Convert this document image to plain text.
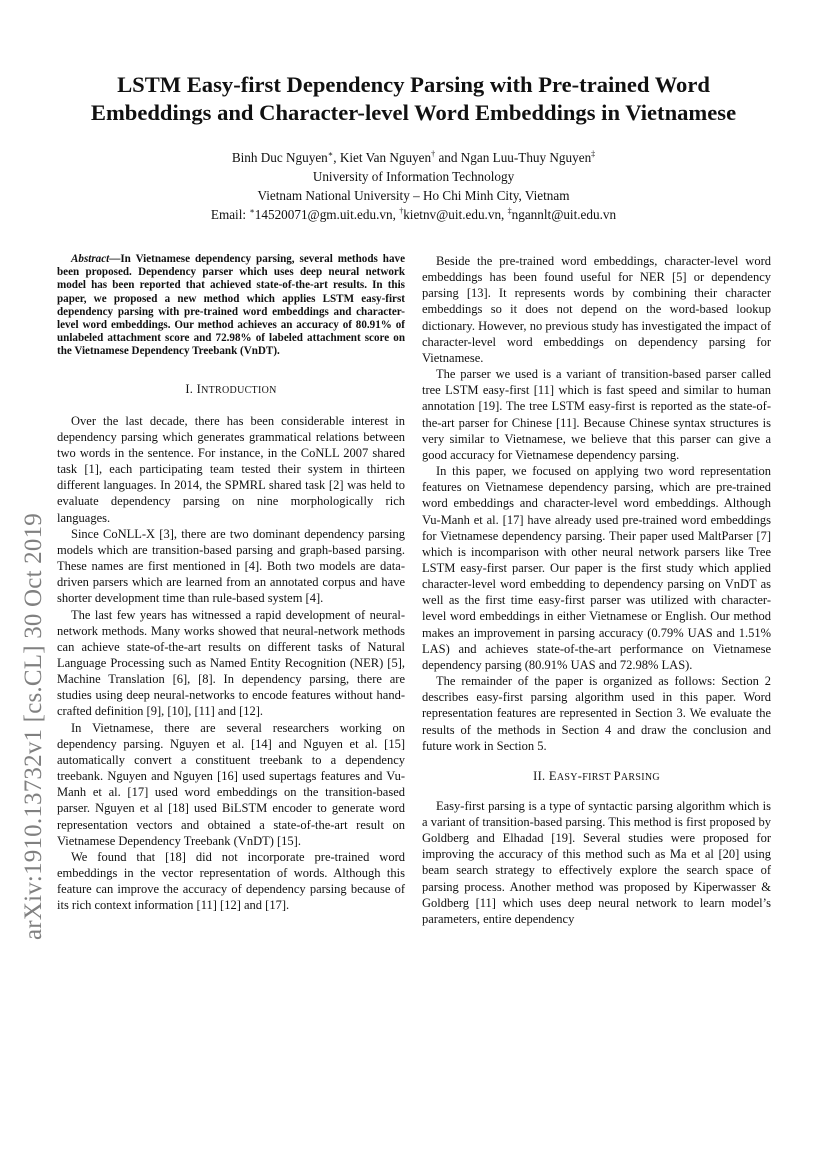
LSTM Easy-first Dependency Parsing with Pre-trained Word
Embeddings and Character-level Word Embeddings in Vietnamese
Binh Duc Nguyen∗, Kiet Van Nguyen† and Ngan Luu-Thuy Nguyen‡
University of Information Technology
Vietnam National University – Ho Chi Minh City, Vietnam
Email: ∗14520071@gm.uit.edu.vn, †kietnv@uit.edu.vn, ‡ngannlt@uit.edu.vn
arXiv:1910.13732v1 [cs.CL] 30 Oct 2019

Abstract—In Vietnamese dependency parsing, several methods have been proposed. Dependency parser which uses deep neural network model has been reported that achieved state-of-the-art results. In this paper, we proposed a new method which applies LSTM easy-first dependency parsing with pre-trained word embeddings and character-level word embeddings. Our method achieves an accuracy of 80.91% of unlabeled attachment score and 72.98% of labeled attachment score on the Vietnamese Dependency Treebank (VnDT).

I. INTRODUCTION

Over the last decade, there has been considerable interest in dependency parsing which generates grammatical relations between two words in the sentence. For instance, in the CoNLL 2007 shared task [1], each participating team tested their system in thirteen different languages. In 2014, the SPMRL shared task [2] was held to evaluate dependency parsing on nine morphologically rich languages.

Since CoNLL-X [3], there are two dominant dependency parsing models which are transition-based parsing and graph-based parsing. These names are first mentioned in [4]. Both two models are data-driven parsers which are learned from an annotated corpus and have shorter development time than rule-based system [4].

The last few years has witnessed a rapid development of neural-network methods. Many works showed that neural-network methods can achieve state-of-the-art results on different tasks of Natural Language Processing such as Named Entity Recognition (NER) [5], Machine Translation [6], [8]. In dependency parsing, there are studies using deep neural-networks to encode features without hand-crafted definition [9], [10], [11] and [12].

In Vietnamese, there are several researchers working on dependency parsing. Nguyen et al. [14] and Nguyen et al. [15] automatically convert a constituent treebank to a dependency treebank. Nguyen and Nguyen [16] used supertags features and Vu-Manh et al. [17] used word embeddings on the transition-based parser. Nguyen et al [18] used BiLSTM encoder to generate word representation vectors and obtained a state-of-the-art result on Vietnamese Dependency Treebank (VnDT) [15].

We found that [18] did not incorporate pre-trained word embeddings in the vector representation of words. Although this feature can improve the accuracy of dependency parsing because of its rich context information [11] [12] and [17].

Beside the pre-trained word embeddings, character-level word embeddings has been found useful for NER [5] or dependency parsing [13]. It represents words by combining their character embeddings so it does not depend on the word-based lookup dictionary. However, no previous study has investigated the impact of character-level word embeddings on dependency parsing for Vietnamese.

The parser we used is a variant of transition-based parser called tree LSTM easy-first [11] which is fast speed and similar to human annotation [19]. The tree LSTM easy-first is reported as the state-of-the-art parser for Chinese [11]. Because Chinese syntax structures is very similar to Vietnamese, we believe that this parser can give a good accuracy for Vietnamese dependency parsing.

In this paper, we focused on applying two word representation features on Vietnamese dependency parsing, which are pre-trained word embeddings and character-level word embeddings. Although Vu-Manh et al. [17] have already used pre-trained word embeddings for Vietnamese dependency parsing. Their paper used MaltParser [7] which is incomparison with other neural network parsers like Tree LSTM easy-first parser. Our paper is the first study which applied character-level word embedding to dependency parsing on VnDT as well as the first time easy-first parser was utilized with character-level word embeddings in either Vietnamese or English. Our method makes an improvement in parsing accuracy (0.79% UAS and 1.51% LAS) and achieves state-of-the-art performance on Vietnamese dependency parsing (80.91% UAS and 72.98% LAS).

The remainder of the paper is organized as follows: Section 2 describes easy-first parsing algorithm used in this paper. Word representation features are represented in Section 3. We evaluate the results of the methods in Section 4 and draw the conclusion and future work in Section 5.

II. EASY-FIRST PARSING

Easy-first parsing is a type of syntactic parsing algorithm which is a variant of transition-based parsing. This method is first proposed by Goldberg and Elhadad [19]. Several studies were proposed for improving the accuracy of this method such as Ma et al [20] using beam search strategy to effectively explore the search space of parsing process. Another method was proposed by Kiperwasser & Goldberg [11] which uses deep neural network to learn model’s parameters, entire dependency
